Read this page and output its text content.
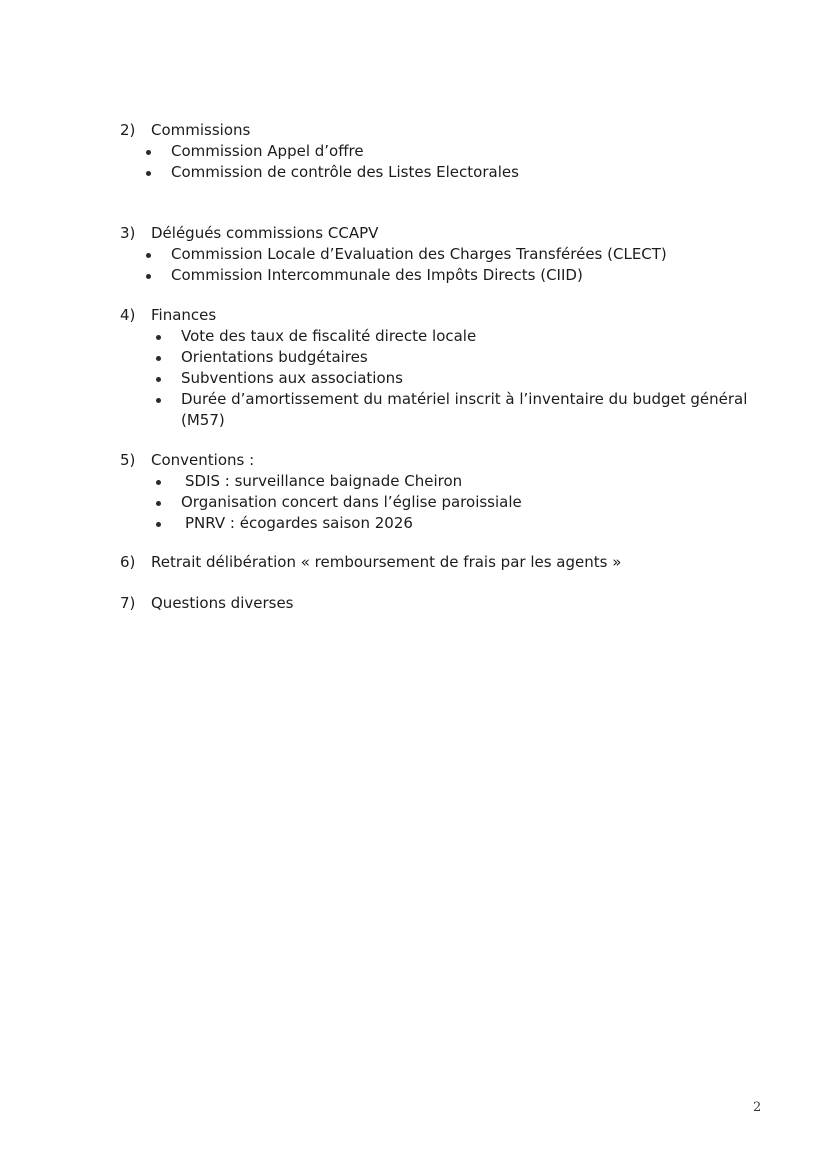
2) Commissions
Commission Appel d’offre
Commission de contrôle des Listes Electorales
3) Délégués commissions CCAPV
Commission Locale d’Evaluation des Charges Transférées (CLECT)
Commission Intercommunale des Impôts Directs (CIID)
4) Finances
Vote des taux de fiscalité directe locale
Orientations budgétaires
Subventions aux associations
Durée d’amortissement du matériel inscrit à l’inventaire du budget général (M57)
5) Conventions :
SDIS : surveillance baignade Cheiron
Organisation concert dans l’église paroissiale
PNRV : écogardes saison 2026
6) Retrait délibération « remboursement de frais par les agents »
7) Questions diverses
2
